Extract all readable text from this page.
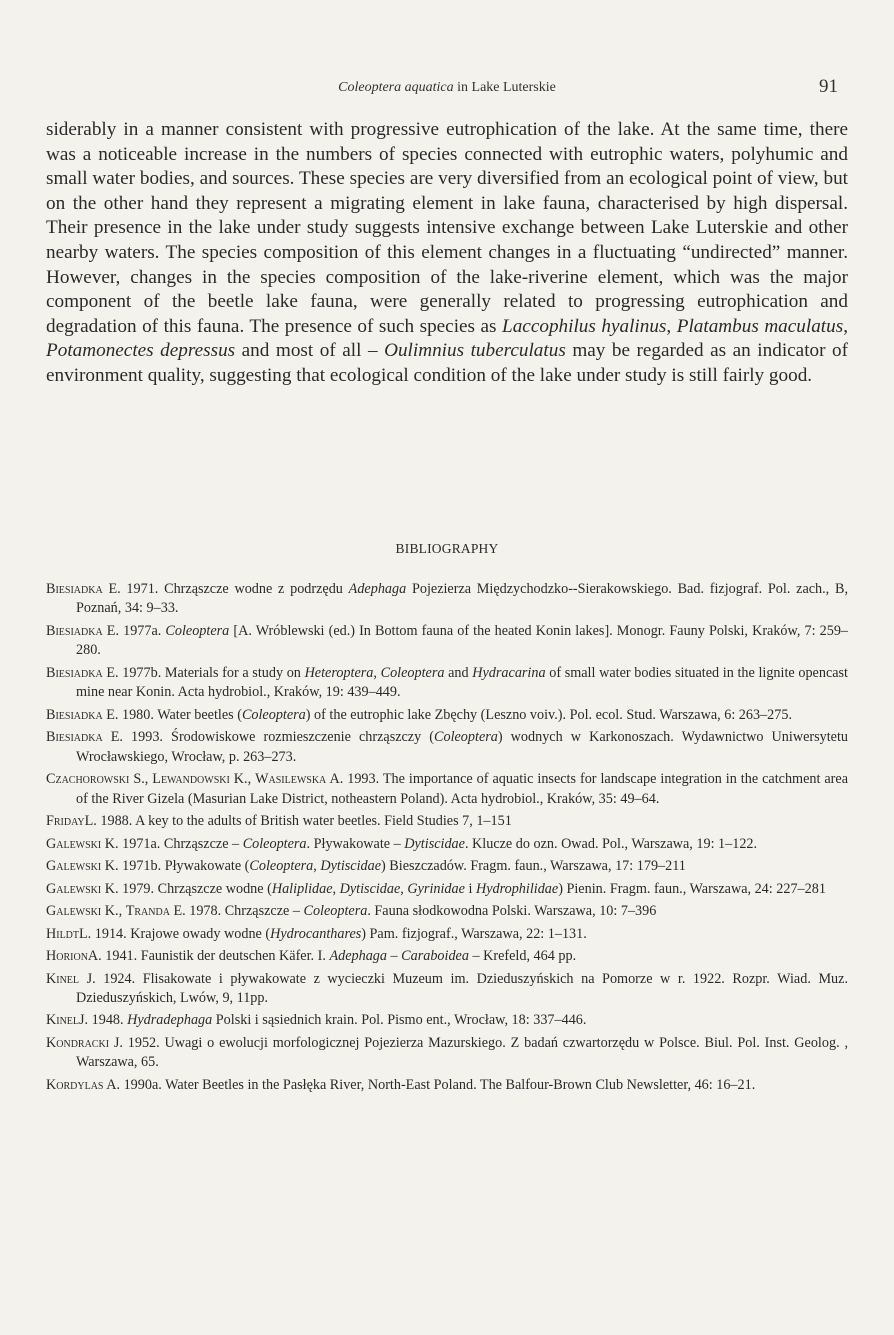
Coleoptera aquatica in Lake Luterskie	91

siderably in a manner consistent with progressive eutrophication of the lake. At the same time, there was a noticeable increase in the numbers of species connected with eutrophic waters, polyhumic and small water bodies, and sources. These species are very diversified from an ecological point of view, but on the other hand they represent a migrating element in lake fauna, characterised by high dispersal. Their presence in the lake under study suggests intensive exchange between Lake Luterskie and other nearby waters. The species composition of this element changes in a fluctuating “undirected” manner. However, changes in the species composition of the lake-riverine element, which was the major component of the beetle lake fauna, were generally related to progressing eutrophication and degradation of this fauna. The presence of such species as Laccophilus hyalinus, Platambus maculatus, Potamonectes depressus and most of all – Oulimnius tuberculatus may be regarded as an indicator of environment quality, suggesting that ecological condition of the lake under study is still fairly good.

BIBLIOGRAPHY
Biesiadka E. 1971. Chrząszcze wodne z podrzędu Adephaga Pojezierza Międzychodzko--Sierakowskiego. Bad. fizjograf. Pol. zach., B, Poznań, 34: 9–33.
Biesiadka E. 1977a. Coleoptera [A. Wróblewski (ed.) In Bottom fauna of the heated Konin lakes]. Monogr. Fauny Polski, Kraków, 7: 259–280.
Biesiadka E. 1977b. Materials for a study on Heteroptera, Coleoptera and Hydracarina of small water bodies situated in the lignite opencast mine near Konin. Acta hydrobiol., Kraków, 19: 439–449.
Biesiadka E. 1980. Water beetles (Coleoptera) of the eutrophic lake Zbęchy (Leszno voiv.). Pol. ecol. Stud. Warszawa, 6: 263–275.
Biesiadka E. 1993. Środowiskowe rozmieszczenie chrząszczy (Coleoptera) wodnych w Karkonoszach. Wydawnictwo Uniwersytetu Wrocławskiego, Wrocław, p. 263–273.
Czachorowski S., Lewandowski K., Wasilewska A. 1993. The importance of aquatic insects for landscape integration in the catchment area of the River Gizela (Masurian Lake District, notheastern Poland). Acta hydrobiol., Kraków, 35: 49–64.
FridayL. 1988. A key to the adults of British water beetles. Field Studies 7, 1–151
Galewski K. 1971a. Chrząszcze – Coleoptera. Pływakowate – Dytiscidae. Klucze do ozn. Owad. Pol., Warszawa, 19: 1–122.
Galewski K. 1971b. Pływakowate (Coleoptera, Dytiscidae) Bieszczadów. Fragm. faun., Warszawa, 17: 179–211
Galewski K. 1979. Chrząszcze wodne (Haliplidae, Dytiscidae, Gyrinidae i Hydrophilidae) Pienin. Fragm. faun., Warszawa, 24: 227–281
Galewski K., Tranda E. 1978. Chrząszcze – Coleoptera. Fauna słodkowodna Polski. Warszawa, 10: 7–396
HildtL. 1914. Krajowe owady wodne (Hydrocanthares) Pam. fizjograf., Warszawa, 22: 1–131.
HorionA. 1941. Faunistik der deutschen Käfer. I. Adephaga – Caraboidea – Krefeld, 464 pp.
Kinel J. 1924. Flisakowate i pływakowate z wycieczki Muzeum im. Dzieduszyńskich na Pomorze w r. 1922. Rozpr. Wiad. Muz. Dzieduszyńskich, Lwów, 9, 11pp.
KinelJ. 1948. Hydradephaga Polski i sąsiednich krain. Pol. Pismo ent., Wrocław, 18: 337–446.
Kondracki J. 1952. Uwagi o ewolucji morfologicznej Pojezierza Mazurskiego. Z badań czwartorzędu w Polsce. Biul. Pol. Inst. Geolog. , Warszawa, 65.
Kordylas A. 1990a. Water Beetles in the Pasłęka River, North-East Poland. The Balfour-Brown Club Newsletter, 46: 16–21.
